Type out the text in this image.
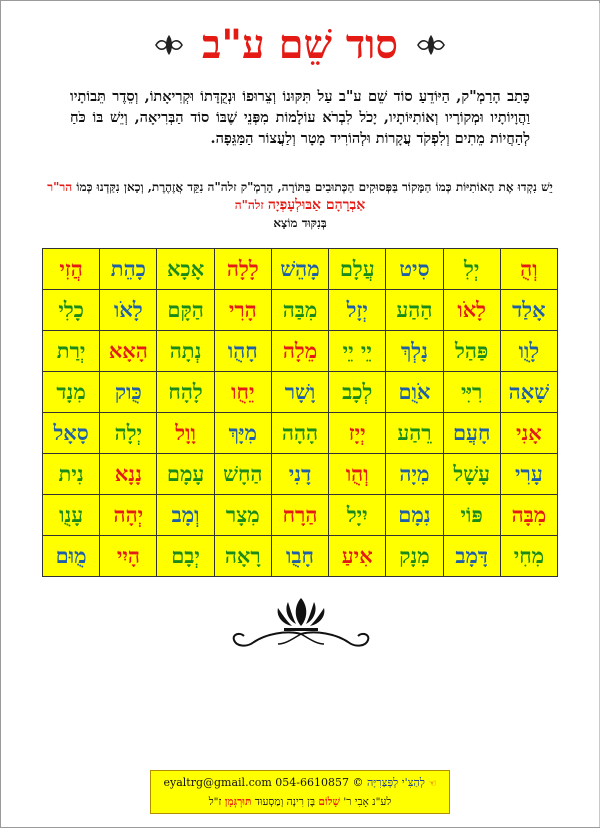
סוד שֵׁם ע"ב
כָּתַב הָרַמְ"ק, הַיּוֹדֵעַ סוֹד שֵׁם ע"ב עַל תִּקּוּנוֹ וְצֵרוּפוֹ וּנְקֻדָּתוֹ וּקְרִיאָתוֹ, וְסֵדֶר תֵּבוֹתָיו וַהֲוָיוֹתָיו וּמְקוֹרָיו וְאוֹתִיּוֹתָיו, יָכֹל לִבְרֹא עוֹלָמוֹת מִפְּנֵי שֶׁבּוֹ סוֹד הַבְּרִיאָה, וְיֵשׁ בּוֹ כֹּחַ לְהַחֲיוֹת מֵתִים וְלִפְקֹד עֲקָרוֹת וּלְהוֹרִיד מָטָר וְלַעֲצוֹר הַמַּגֵּפָה.
יֵשׁ נִקְדוּ אֶת הָאוֹתִיּוֹת כְּמוֹ הַמָּקוֹר בַּפְּסוּקִים הַכְּתוּבִים בַּתּוֹרָה, הָרַמְ"ק זלה"ה נִקֵּד אֲזֶהֶרֶת, וְכָאן נִקַּדְנוּ כְּמוֹ הר"ר אַבְרָהָם אַבּוּלְעָפְיָה זלה"ה
בְּנִקּוּד מוֹצָא
וְהֻ	יְלִ	סִיט	עֲלָם	מָהֵשׁ	לָלָה	אָכָא	כָהֵת	הֲזִי
אָלַד	לָאֹו	הַהַע	יְזָל	מִבַּה	הָרִי	הַקָּם	לָאֹו	כָלִי
לָוֻו	פַּהַל	נָלְךְ	יֵי יֵי	מֵלָה	חָהֻו	נְתָה	הָאָא	יְרַת
שָׁאָה	רִיִּי	אֹוֻם	לְכָב	וָשָׁר	יֵחֻו	לָהָח	כֻּוק	מִנָד
אָנִי	חָעֲם	רֵהַע	יְיָז	הָהָה	מִיָּךְ	וָוָל	יְלָה	סָאָל
עָרִי	עָשָׁל	מִיָה	וְהֻו	דָנִי	הַחָשׁ	עָמָם	נָנָא	נִית
מִבָּה	פּוֹי	נִמָם	יִיָל	הַרָח	מִצָר	וְמָב	יְהָה	עָנֻו
מִחִי	דָּמָב	מִנָק	אִיעַ	חָבֻו	רָאָה	יְבָם	הָיִי	מֻוּם
☜ לְהַצִּ'י לְפְּצַּרִיָּה © 054-6610857 eyaltrg@gmail.com
לע"נ אָבִי ר' שָׁלוֹם בֶּן רִינָה וְמַסְעוּד תּוּרְגְּמָן ז"ל
